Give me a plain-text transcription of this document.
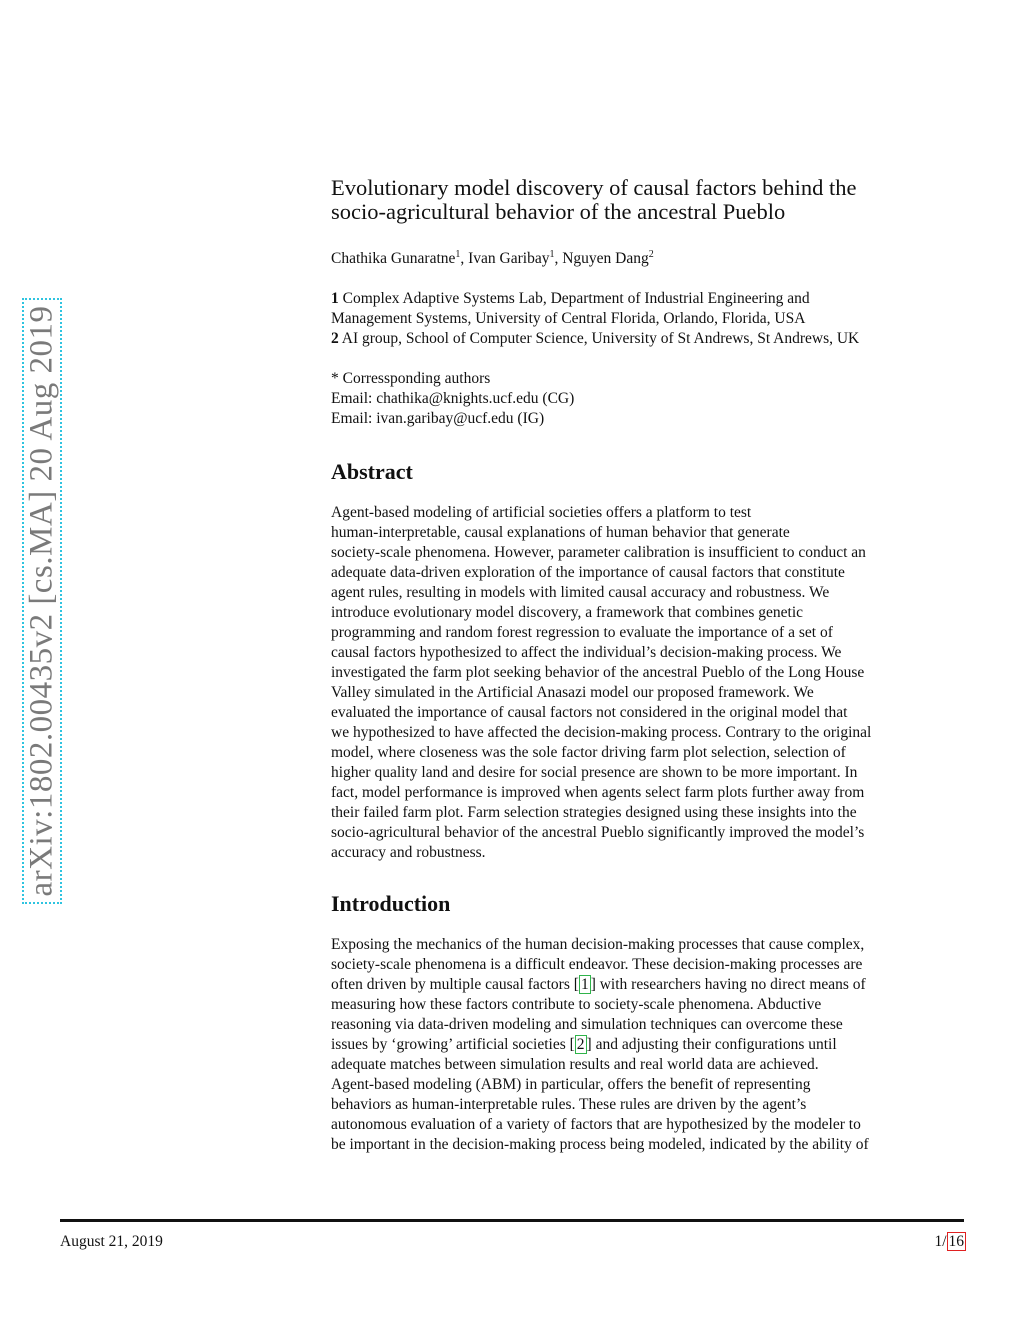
arXiv:1802.00435v2 [cs.MA] 20 Aug 2019
Evolutionary model discovery of causal factors behind the
socio-agricultural behavior of the ancestral Pueblo
Chathika Gunaratne$^1$, Ivan Garibay$^1$, Nguyen Dang$^2$
1 Complex Adaptive Systems Lab, Department of Industrial Engineering and
Management Systems, University of Central Florida, Orlando, Florida, USA
2 AI group, School of Computer Science, University of St Andrews, St Andrews, UK
* Corressponding authors
Email: chathika@knights.ucf.edu (CG)
Email: ivan.garibay@ucf.edu (IG)
Abstract
Agent-based modeling of artificial societies offers a platform to test
human-interpretable, causal explanations of human behavior that generate
society-scale phenomena. However, parameter calibration is insufficient to conduct an
adequate data-driven exploration of the importance of causal factors that constitute
agent rules, resulting in models with limited causal accuracy and robustness. We
introduce evolutionary model discovery, a framework that combines genetic
programming and random forest regression to evaluate the importance of a set of
causal factors hypothesized to affect the individual’s decision-making process. We
investigated the farm plot seeking behavior of the ancestral Pueblo of the Long House
Valley simulated in the Artificial Anasazi model our proposed framework. We
evaluated the importance of causal factors not considered in the original model that
we hypothesized to have affected the decision-making process. Contrary to the original
model, where closeness was the sole factor driving farm plot selection, selection of
higher quality land and desire for social presence are shown to be more important. In
fact, model performance is improved when agents select farm plots further away from
their failed farm plot. Farm selection strategies designed using these insights into the
socio-agricultural behavior of the ancestral Pueblo significantly improved the model’s
accuracy and robustness.
Introduction
Exposing the mechanics of the human decision-making processes that cause complex,
society-scale phenomena is a difficult endeavor. These decision-making processes are
often driven by multiple causal factors [ 1 ] with researchers having no direct means of
measuring how these factors contribute to society-scale phenomena. Abductive
reasoning via data-driven modeling and simulation techniques can overcome these
issues by ‘growing’ artificial societies [ 2 ] and adjusting their configurations until
adequate matches between simulation results and real world data are achieved.
Agent-based modeling (ABM) in particular, offers the benefit of representing
behaviors as human-interpretable rules. These rules are driven by the agent’s
autonomous evaluation of a variety of factors that are hypothesized by the modeler to
be important in the decision-making process being modeled, indicated by the ability of
August 21, 2019	1/ 16
